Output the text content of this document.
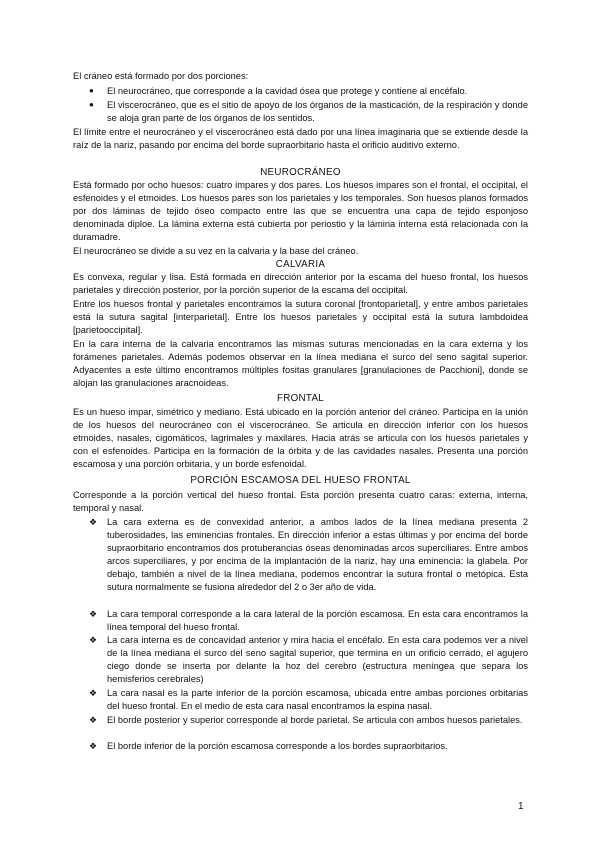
El cráneo está formado por dos porciones:

● El neurocráneo, que corresponde a la cavidad ósea que protege y contiene al encéfalo.

● El viscerocráneo, que es el sitio de apoyo de los órganos de la masticación, de la respiración y donde se aloja gran parte de los órganos de los sentidos.

El límite entre el neurocráneo y el viscerocráneo está dado por una línea imaginaria que se extiende desde la raíz de la nariz, pasando por encima del borde supraorbitario hasta el orificio auditivo externo.

NEUROCRÁNEO

Está formado por ocho huesos: cuatro impares y dos pares. Los huesos impares son el frontal, el occipital, el esfenoides y el etmoides. Los huesos pares son los parietales y los temporales. Son huesos planos formados por dos láminas de tejido óseo compacto entre las que se encuentra una capa de tejido esponjoso denominada diploe. La lámina externa está cubierta por periostio y la lámina interna está relacionada con la duramadre.

El neurocráneo se divide a su vez en la calvaria y la base del cráneo.

CALVARIA

Es convexa, regular y lisa. Está formada en dirección anterior por la escama del hueso frontal, los huesos parietales y dirección posterior, por la porción superior de la escama del occipital.

Entre los huesos frontal y parietales encontramos la sutura coronal [frontoparietal], y entre ambos parietales está la sutura sagital [interparietal]. Entre los huesos parietales y occipital está la sutura lambdoidea [parietooccipital].

En la cara interna de la calvaria encontramos las mismas suturas mencionadas en la cara externa y los forámenes parietales. Además podemos observar en la línea mediana el surco del seno sagital superior. Adyacentes a este último encontramos múltiples fositas granulares [granulaciones de Pacchioni], donde se alojan las granulaciones aracnoideas.

FRONTAL

Es un hueso impar, simétrico y mediano. Está ubicado en la porción anterior del cráneo. Participa en la unión de los huesos del neurocráneo con el viscerocráneo. Se articula en dirección inferior con los huesos etmoides, nasales, cigomáticos, lagrimales y maxilares. Hacia atrás se articula con los huesos parietales y con el esfenoides. Participa en la formación de la órbita y de las cavidades nasales. Presenta una porción escamosa y una porción orbitaria, y un borde esfenoidal.

PORCIÓN ESCAMOSA DEL HUESO FRONTAL

Corresponde a la porción vertical del hueso frontal. Esta porción presenta cuatro caras: externa, interna, temporal y nasal.

❖ La cara externa es de convexidad anterior, a ambos lados de la línea mediana presenta 2 tuberosidades, las eminencias frontales. En dirección inferior a estas últimas y por encima del borde supraorbitario encontramos dos protuberancias óseas denominadas arcos superciliares. Entre ambos arcos superciliares, y por encima de la implantación de la nariz, hay una eminencia: la glabela. Por debajo, también a nivel de la línea mediana, podemos encontrar la sutura frontal o metópica. Esta sutura normalmente se fusiona alrededor del 2 o 3er año de vida.

❖ La cara temporal corresponde a la cara lateral de la porción escamosa. En esta cara encontramos la línea temporal del hueso frontal.

❖ La cara interna es de concavidad anterior y mira hacia el encéfalo. En esta cara podemos ver a nivel de la línea mediana el surco del seno sagital superior, que termina en un orificio cerrado, el agujero ciego donde se inserta por delante la hoz del cerebro (estructura meníngea que separa los hemisferios cerebrales)

❖ La cara nasal es la parte inferior de la porción escamosa, ubicada entre ambas porciones orbitarias del hueso frontal. En el medio de esta cara nasal encontramos la espina nasal.

❖ El borde posterior y superior corresponde al borde parietal. Se articula con ambos huesos parietales.

❖ El borde inferior de la porción escamosa corresponde a los bordes supraorbitarios.

1
